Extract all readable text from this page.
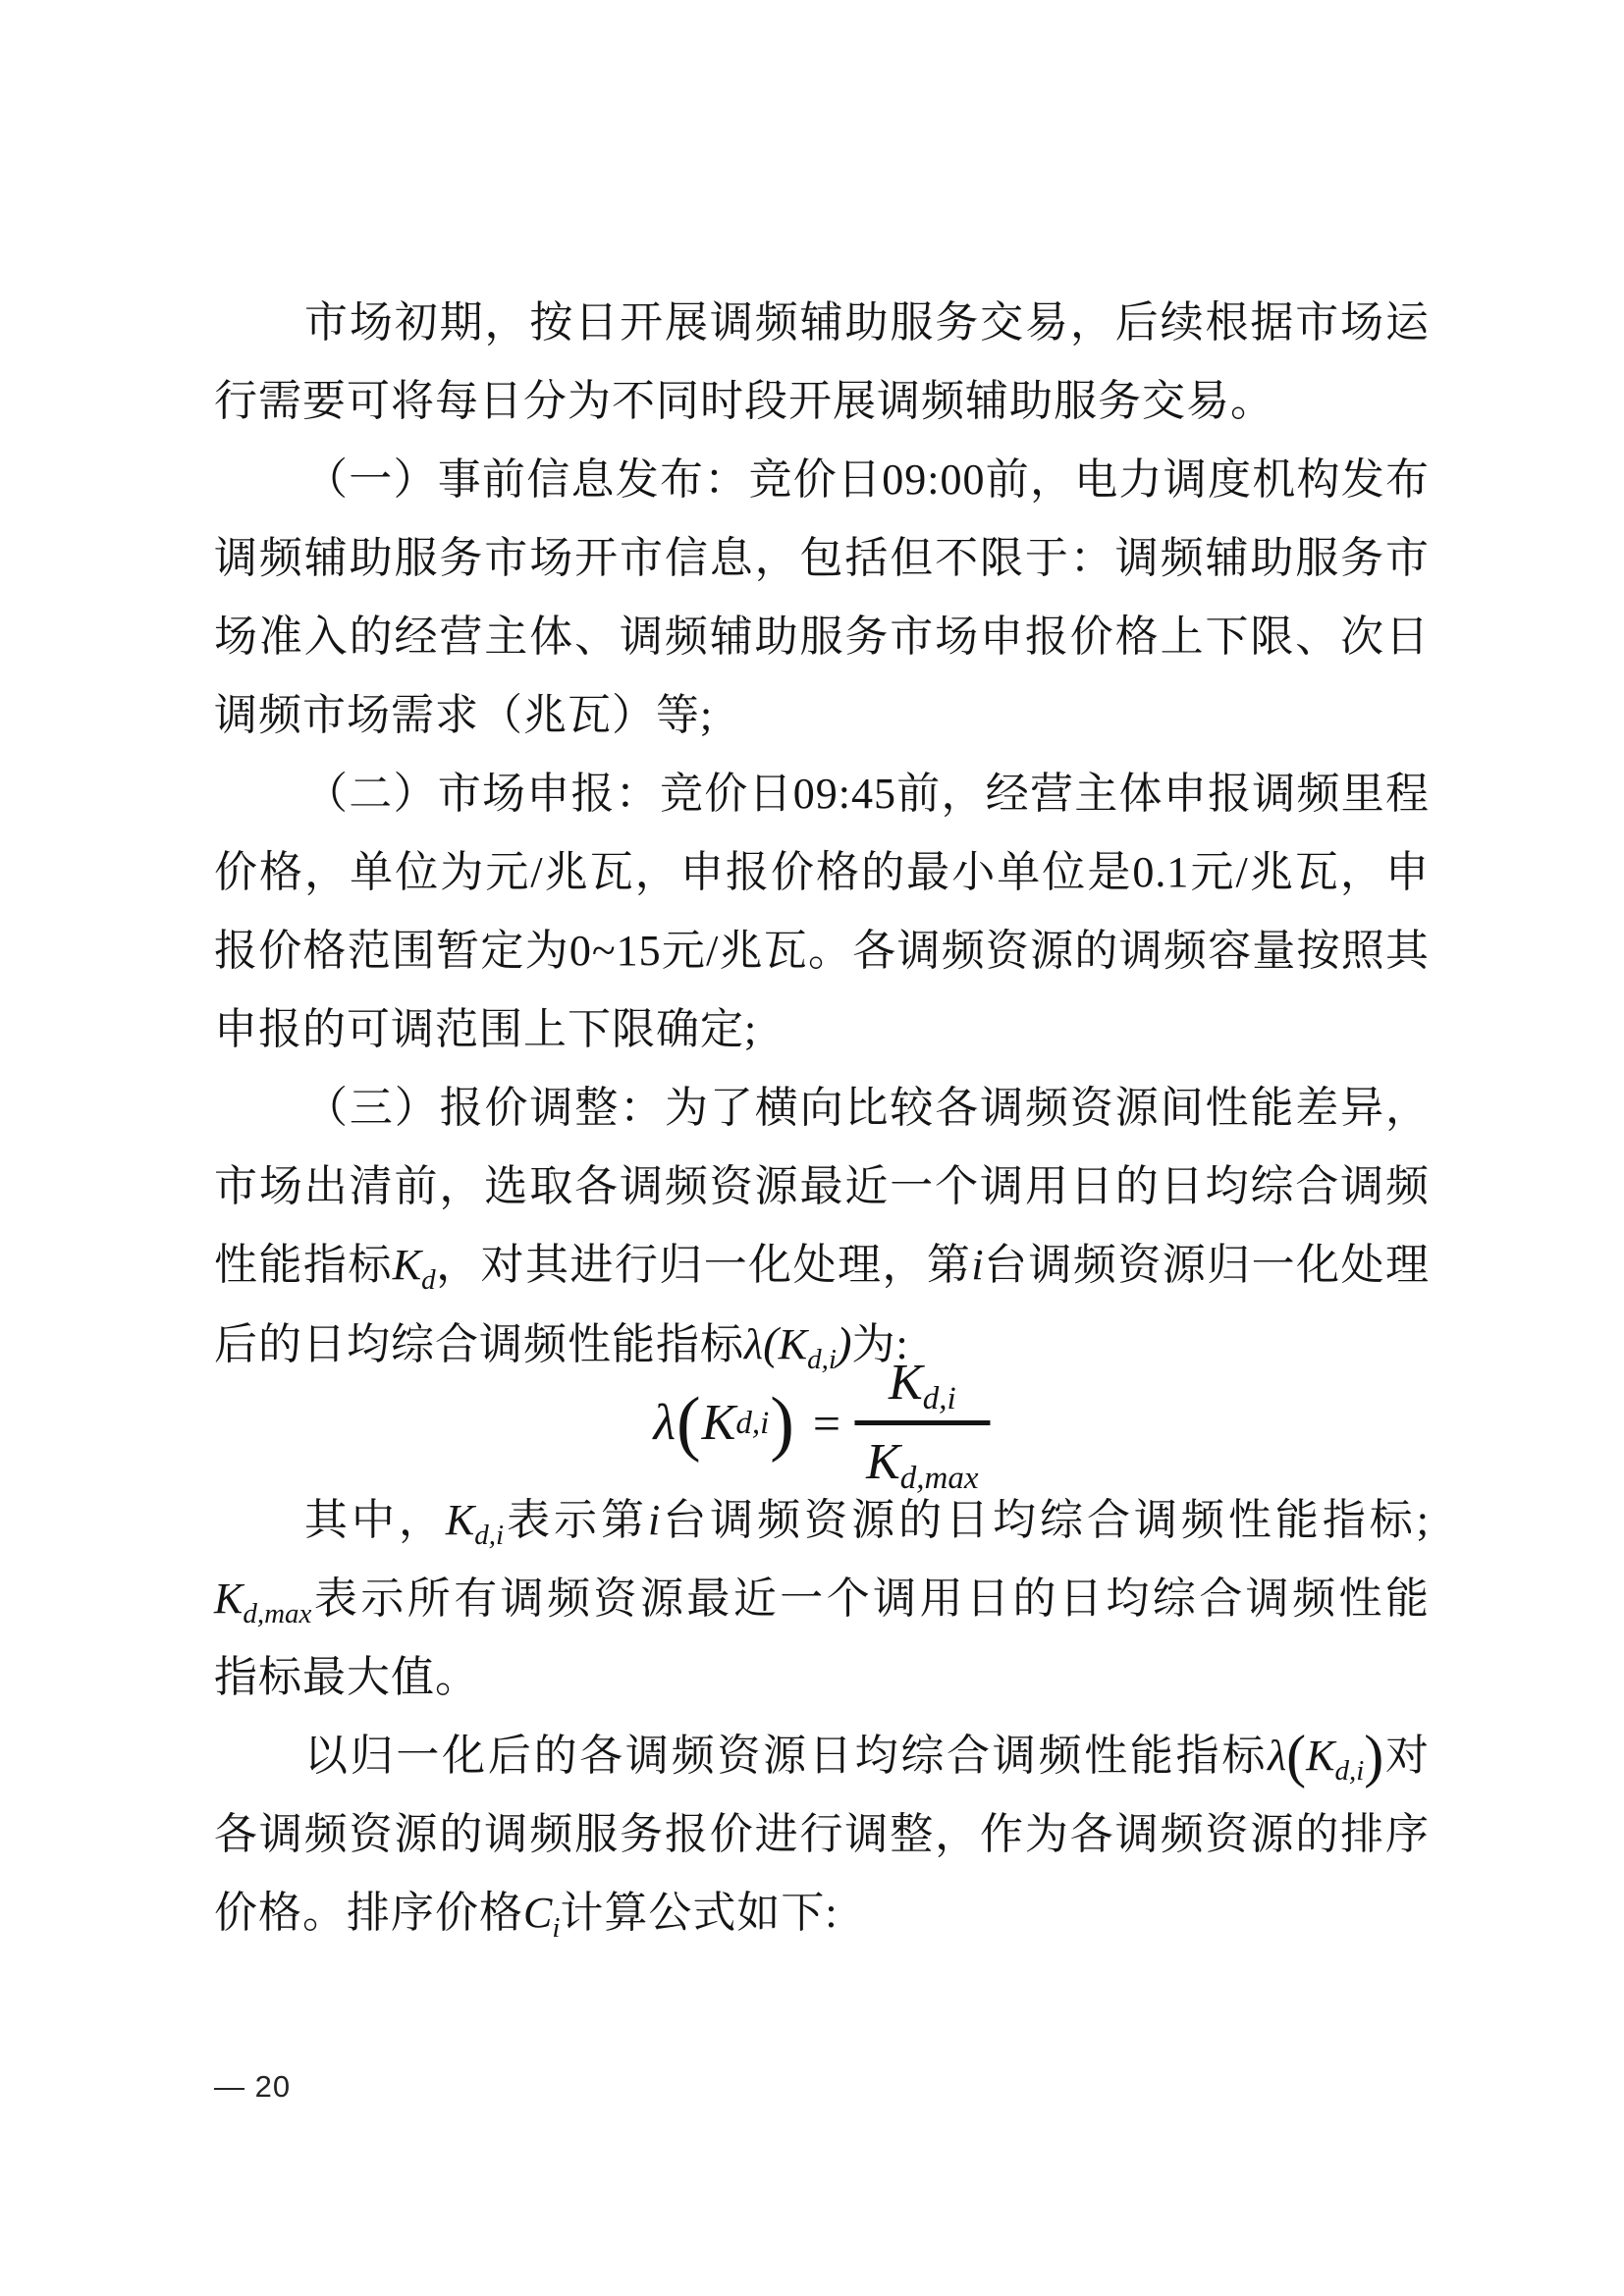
市场初期，按日开展调频辅助服务交易，后续根据市场运
行需要可将每日分为不同时段开展调频辅助服务交易。
（一）事前信息发布：竞价日09:00前，电力调度机构发布
调频辅助服务市场开市信息，包括但不限于：调频辅助服务市
场准入的经营主体、调频辅助服务市场申报价格上下限、次日
调频市场需求（兆瓦）等;
（二）市场申报：竞价日09:45前，经营主体申报调频里程
价格，单位为元/兆瓦，申报价格的最小单位是0.1元/兆瓦，申
报价格范围暂定为0~15元/兆瓦。各调频资源的调频容量按照其
申报的可调范围上下限确定;
（三）报价调整：为了横向比较各调频资源间性能差异，
市场出清前，选取各调频资源最近一个调用日的日均综合调频
性能指标$K_d$，对其进行归一化处理，第i台调频资源归一化处理
后的日均综合调频性能指标$\lambda(K_{d,i})$为:
λ ( K d,i ) = $\frac{K_{d,i}}{K_{d,max}}$
其中，$K_{d,i}$表示第i台调频资源的日均综合调频性能指标;
$K_{d,max}$表示所有调频资源最近一个调用日的日均综合调频性能
指标最大值。
以归一化后的各调频资源日均综合调频性能指标$\lambda(K_{d,i})$对
各调频资源的调频服务报价进行调整，作为各调频资源的排序
价格。排序价格$C_i$计算公式如下:
— 20
